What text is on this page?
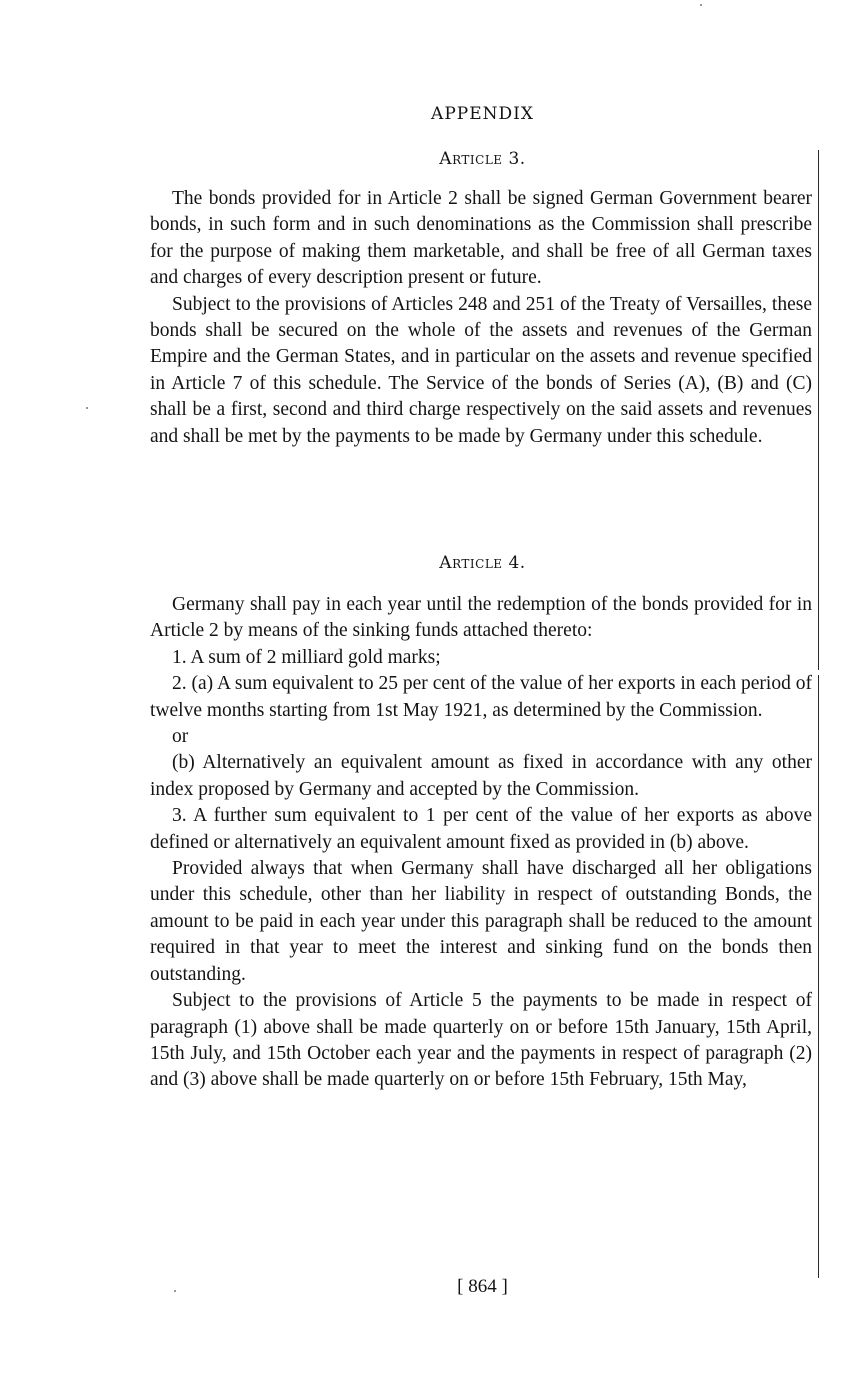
APPENDIX
Article 3.

The bonds provided for in Article 2 shall be signed German Government bearer bonds, in such form and in such denominations as the Commission shall prescribe for the purpose of making them marketable, and shall be free of all German taxes and charges of every description present or future.

Subject to the provisions of Articles 248 and 251 of the Treaty of Versailles, these bonds shall be secured on the whole of the assets and revenues of the German Empire and the German States, and in particular on the assets and revenue specified in Article 7 of this schedule. The Service of the bonds of Series (A), (B) and (C) shall be a first, second and third charge respectively on the said assets and revenues and shall be met by the payments to be made by Germany under this schedule.

Article 4.

Germany shall pay in each year until the redemption of the bonds provided for in Article 2 by means of the sinking funds attached thereto:

1. A sum of 2 milliard gold marks;

2. (a) A sum equivalent to 25 per cent of the value of her exports in each period of twelve months starting from 1st May 1921, as determined by the Commission.

or

(b) Alternatively an equivalent amount as fixed in accordance with any other index proposed by Germany and accepted by the Commission.

3. A further sum equivalent to 1 per cent of the value of her exports as above defined or alternatively an equivalent amount fixed as provided in (b) above.

Provided always that when Germany shall have discharged all her obligations under this schedule, other than her liability in respect of outstanding Bonds, the amount to be paid in each year under this paragraph shall be reduced to the amount required in that year to meet the interest and sinking fund on the bonds then outstanding.

Subject to the provisions of Article 5 the payments to be made in respect of paragraph (1) above shall be made quarterly on or before 15th January, 15th April, 15th July, and 15th October each year and the payments in respect of paragraph (2) and (3) above shall be made quarterly on or before 15th February, 15th May,

[ 864 ]
